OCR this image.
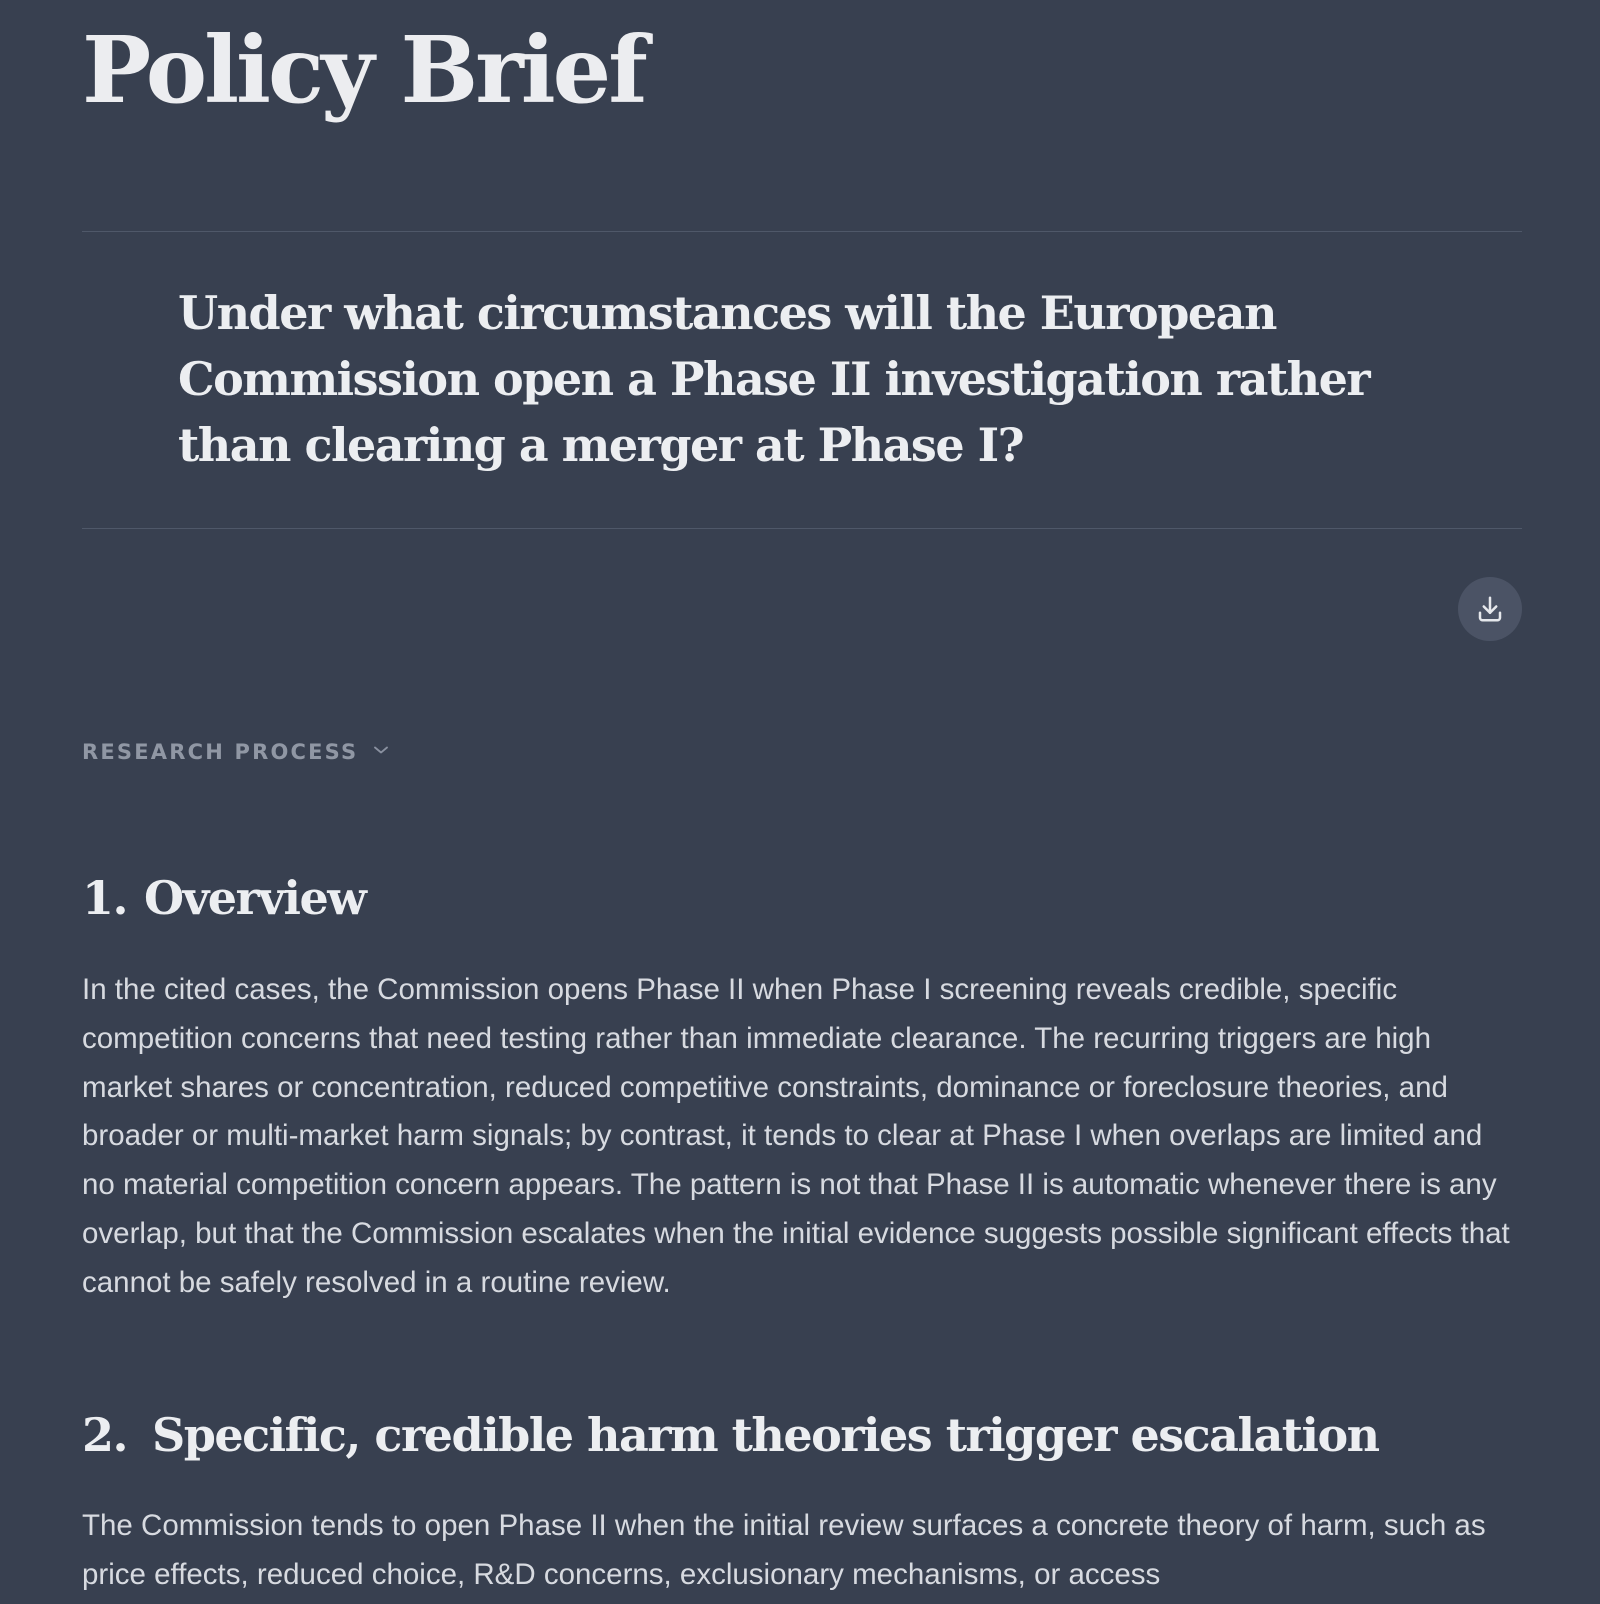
Policy Brief
Under what circumstances will the European Commission open a Phase II investigation rather than clearing a merger at Phase I?
RESEARCH PROCESS
1. Overview

In the cited cases, the Commission opens Phase II when Phase I screening reveals credible, specific competition concerns that need testing rather than immediate clearance. The recurring triggers are high market shares or concentration, reduced competitive constraints, dominance or foreclosure theories, and broader or multi-market harm signals; by contrast, it tends to clear at Phase I when overlaps are limited and no material competition concern appears. The pattern is not that Phase II is automatic whenever there is any overlap, but that the Commission escalates when the initial evidence suggests possible significant effects that cannot be safely resolved in a routine review.

2. Specific, credible harm theories trigger escalation

The Commission tends to open Phase II when the initial review surfaces a concrete theory of harm, such as price effects, reduced choice, R&D concerns, exclusionary mechanisms, or access
